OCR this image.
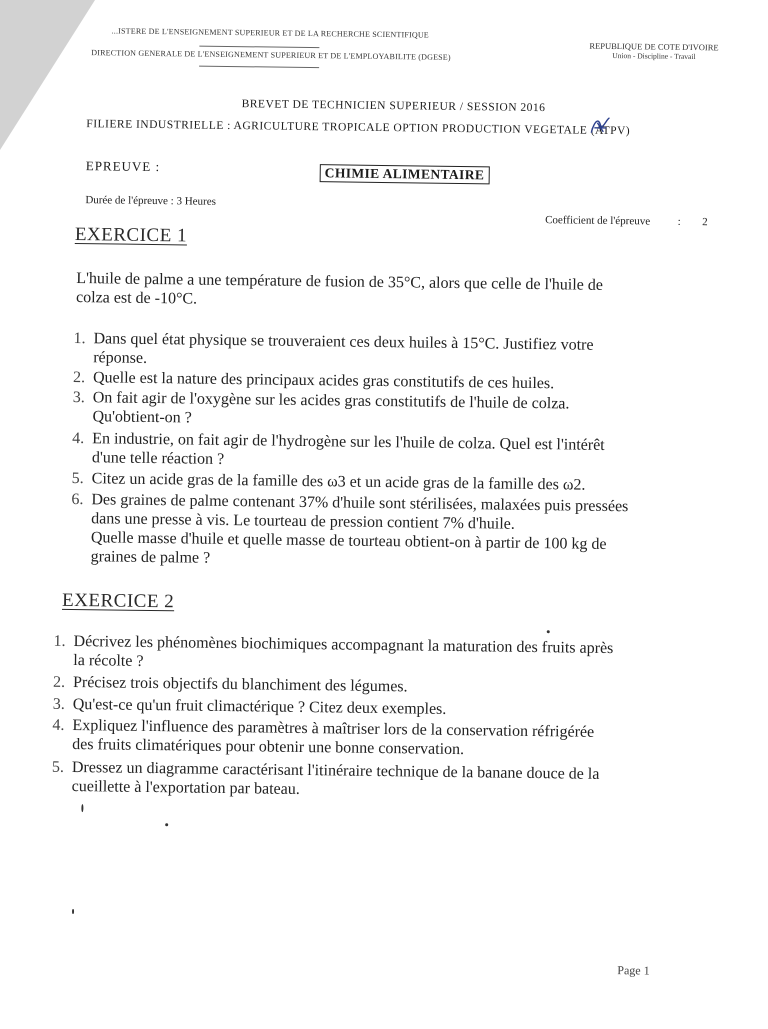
...ISTERE DE L'ENSEIGNEMENT SUPERIEUR ET DE LA RECHERCHE SCIENTIFIQUE
DIRECTION GENERALE DE L'ENSEIGNEMENT SUPERIEUR ET DE L'EMPLOYABILITE (DGESE)
REPUBLIQUE DE COTE D'IVOIRE
Union - Discipline - Travail
BREVET DE TECHNICIEN SUPERIEUR / SESSION 2016
FILIERE INDUSTRIELLE : AGRICULTURE TROPICALE OPTION PRODUCTION VEGETALE (ATPV)
EPREUVE :	CHIMIE ALIMENTAIRE
Durée de l'épreuve : 3 Heures
Coefficient de l'épreuve : 2
EXERCICE 1
L'huile de palme a une température de fusion de 35°C, alors que celle de l'huile de
colza est de -10°C.
1. Dans quel état physique se trouveraient ces deux huiles à 15°C. Justifiez votre
réponse.
2. Quelle est la nature des principaux acides gras constitutifs de ces huiles.
3. On fait agir de l'oxygène sur les acides gras constitutifs de l'huile de colza.
Qu'obtient-on ?
4. En industrie, on fait agir de l'hydrogène sur les l'huile de colza. Quel est l'intérêt
d'une telle réaction ?
5. Citez un acide gras de la famille des ω3 et un acide gras de la famille des ω2.
6. Des graines de palme contenant 37% d'huile sont stérilisées, malaxées puis pressées
dans une presse à vis. Le tourteau de pression contient 7% d'huile.
Quelle masse d'huile et quelle masse de tourteau obtient-on à partir de 100 kg de
graines de palme ?
EXERCICE 2
1. Décrivez les phénomènes biochimiques accompagnant la maturation des fruits après
la récolte ?
2. Précisez trois objectifs du blanchiment des légumes.
3. Qu'est-ce qu'un fruit climactérique ? Citez deux exemples.
4. Expliquez l'influence des paramètres à maîtriser lors de la conservation réfrigérée
des fruits climatériques pour obtenir une bonne conservation.
5. Dressez un diagramme caractérisant l'itinéraire technique de la banane douce de la
cueillette à l'exportation par bateau.
Page 1
